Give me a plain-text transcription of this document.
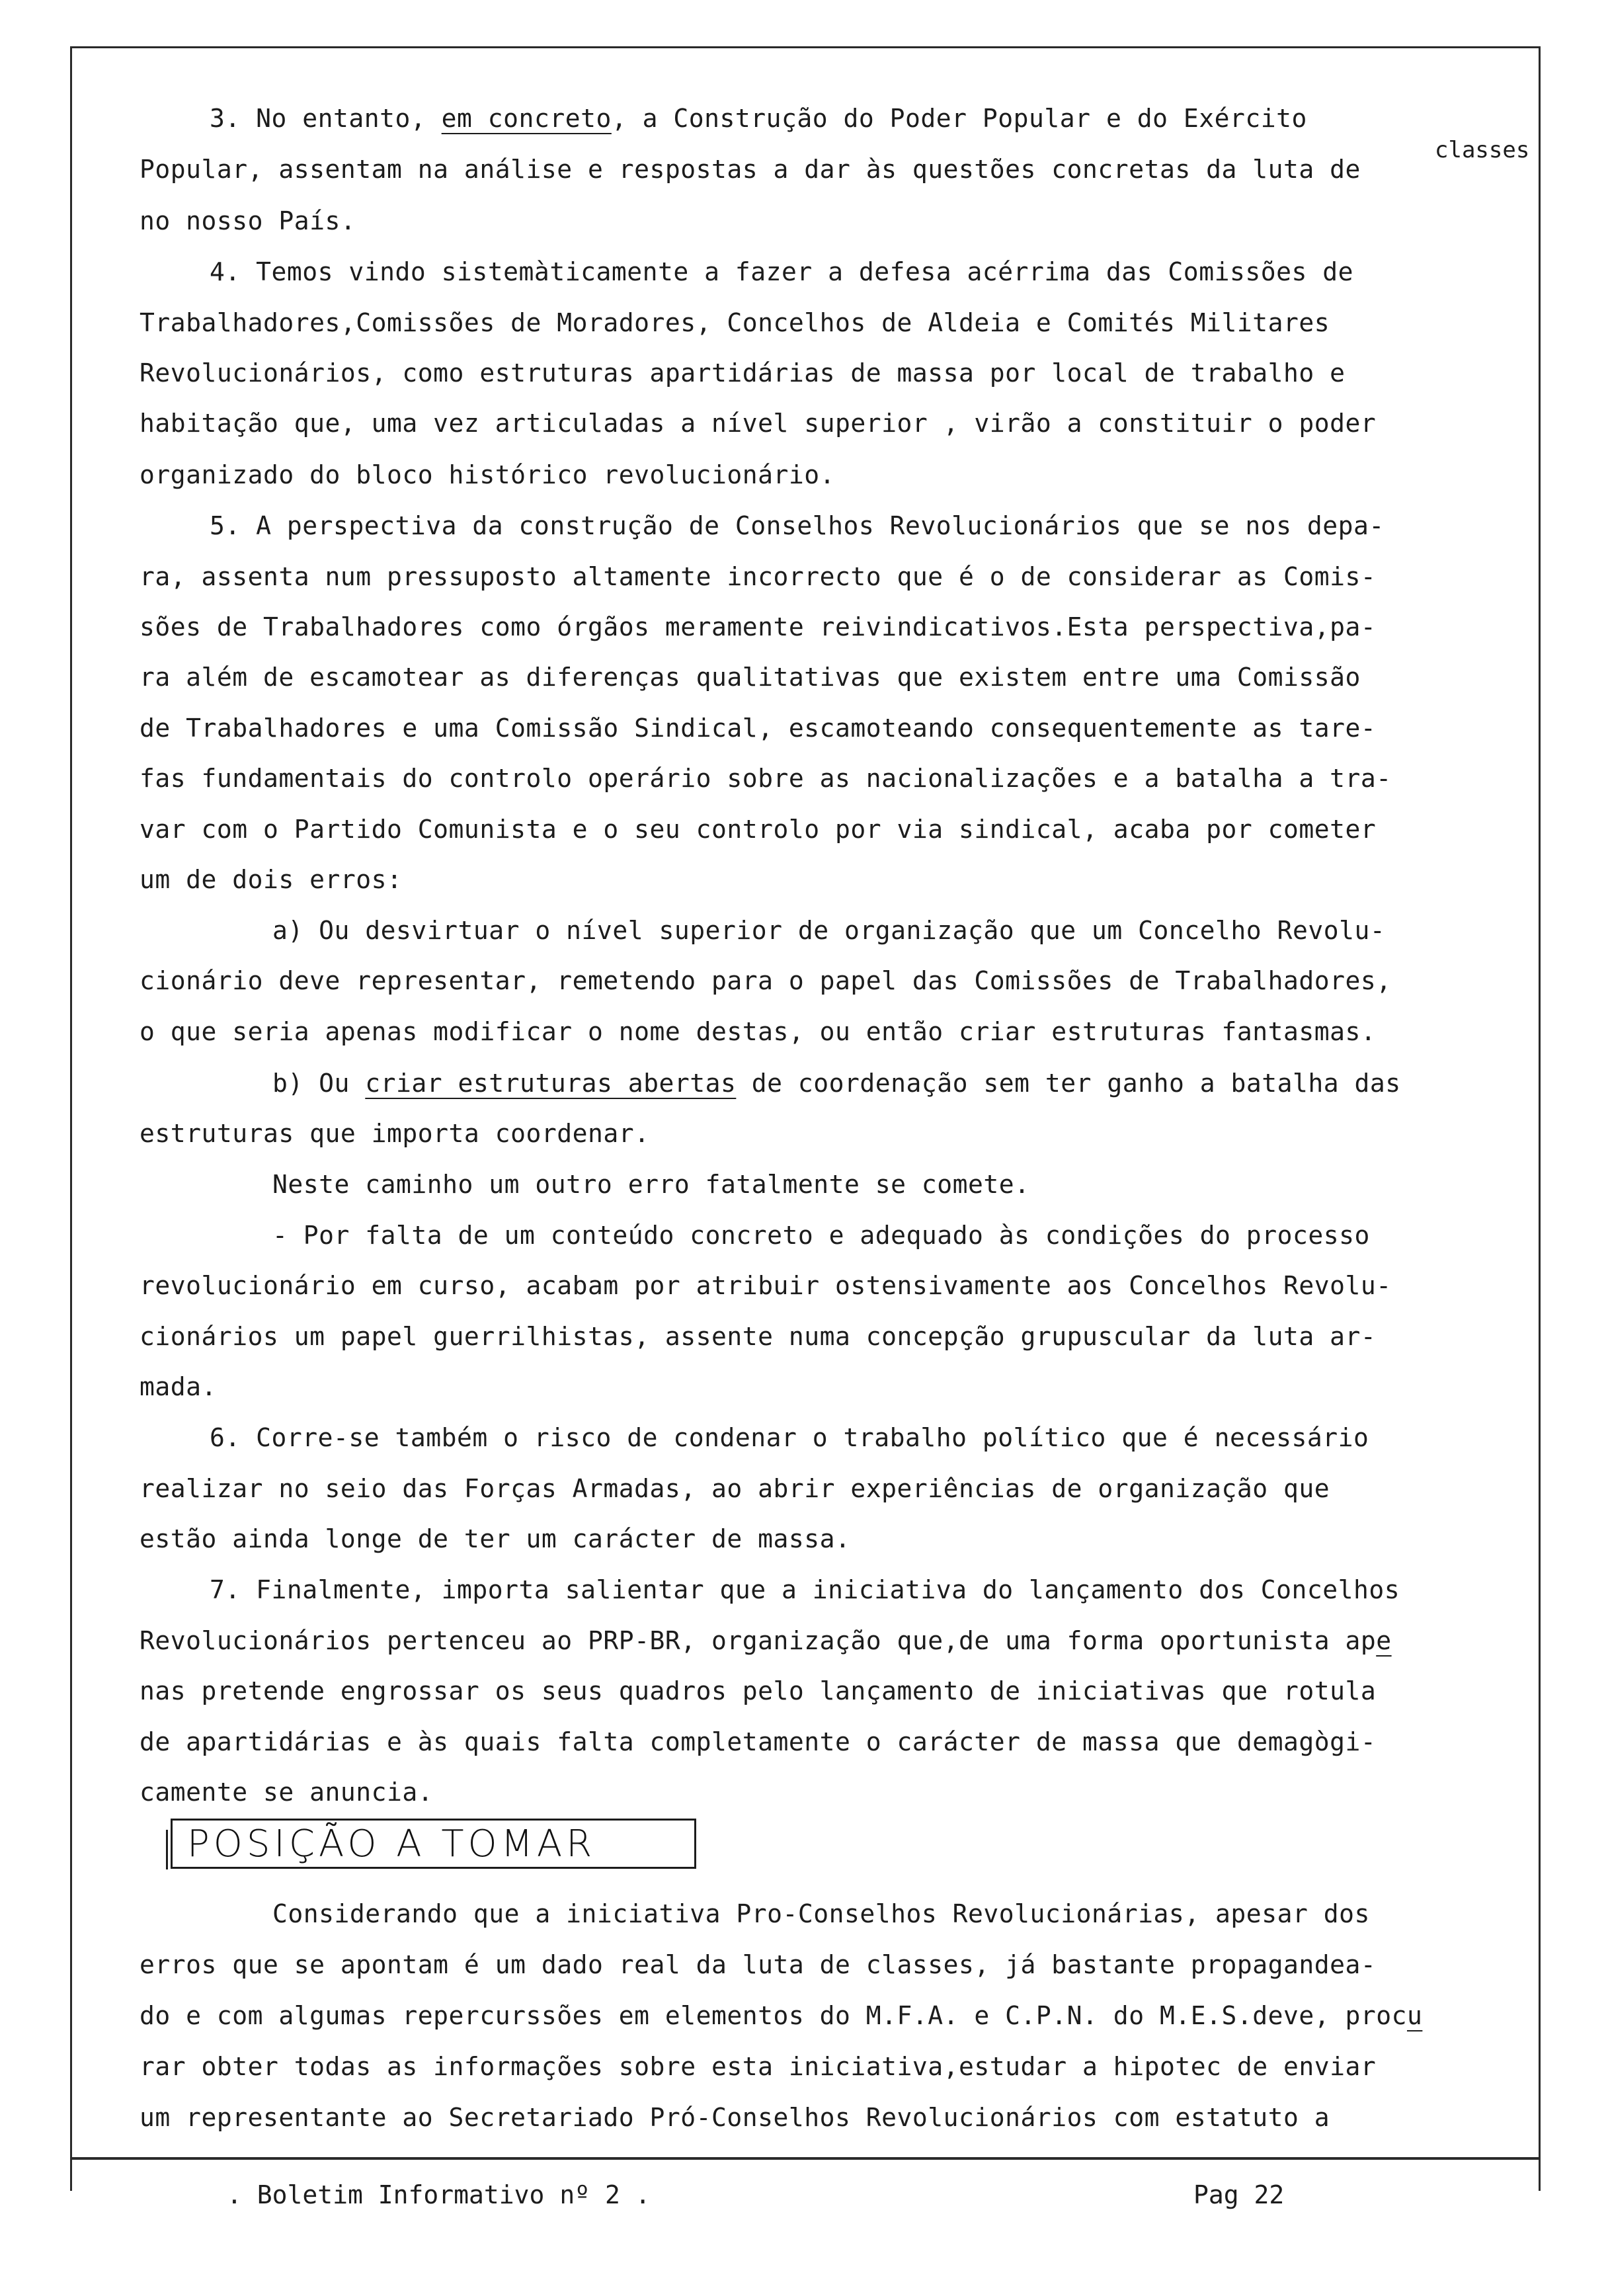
3. No entanto, em concreto, a Construção do Poder Popular e do Exército
Popular, assentam na análise e respostas a dar às questões concretas da luta de
classes
no nosso País.
4. Temos vindo sistemàticamente a fazer a defesa acérrima das Comissões de
Trabalhadores,Comissões de Moradores, Concelhos de Aldeia e Comités Militares
Revolucionários, como estruturas apartidárias de massa por local de trabalho e
habitação que, uma vez articuladas a nível superior , virão a constituir o poder
organizado do bloco histórico revolucionário.
5. A perspectiva da construção de Conselhos Revolucionários que se nos depa-
ra, assenta num pressuposto altamente incorrecto que é o de considerar as Comis-
sões de Trabalhadores como órgãos meramente reivindicativos.Esta perspectiva,pa-
ra além de escamotear as diferenças qualitativas que existem entre uma Comissão
de Trabalhadores e uma Comissão Sindical, escamoteando consequentemente as tare-
fas fundamentais do controlo operário sobre as nacionalizações e a batalha a tra-
var com o Partido Comunista e o seu controlo por via sindical, acaba por cometer
um de dois erros:
a) Ou desvirtuar o nível superior de organização que um Concelho Revolu-
cionário deve representar, remetendo para o papel das Comissões de Trabalhadores,
o que seria apenas modificar o nome destas, ou então criar estruturas fantasmas.
b) Ou criar estruturas abertas de coordenação sem ter ganho a batalha das
estruturas que importa coordenar.
Neste caminho um outro erro fatalmente se comete.
- Por falta de um conteúdo concreto e adequado às condições do processo
revolucionário em curso, acabam por atribuir ostensivamente aos Concelhos Revolu-
cionários um papel guerrilhistas, assente numa concepção grupuscular da luta ar-
mada.
6. Corre-se também o risco de condenar o trabalho político que é necessário
realizar no seio das Forças Armadas, ao abrir experiências de organização que
estão ainda longe de ter um carácter de massa.
7. Finalmente, importa salientar que a iniciativa do lançamento dos Concelhos
Revolucionários pertenceu ao PRP-BR, organização que,de uma forma oportunista ape
nas pretende engrossar os seus quadros pelo lançamento de iniciativas que rotula
de apartidárias e às quais falta completamente o carácter de massa que demagògi-
camente se anuncia.
POSIÇÃO A TOMAR
Considerando que a iniciativa Pro-Conselhos Revolucionárias, apesar dos
erros que se apontam é um dado real da luta de classes, já bastante propagandea-
do e com algumas repercurssões em elementos do M.F.A. e C.P.N. do M.E.S.deve, procu
rar obter todas as informações sobre esta iniciativa,estudar a hipotec de enviar
um representante ao Secretariado Pró-Conselhos Revolucionários com estatuto a
. Boletim Informativo nº 2 .	Pag 22
